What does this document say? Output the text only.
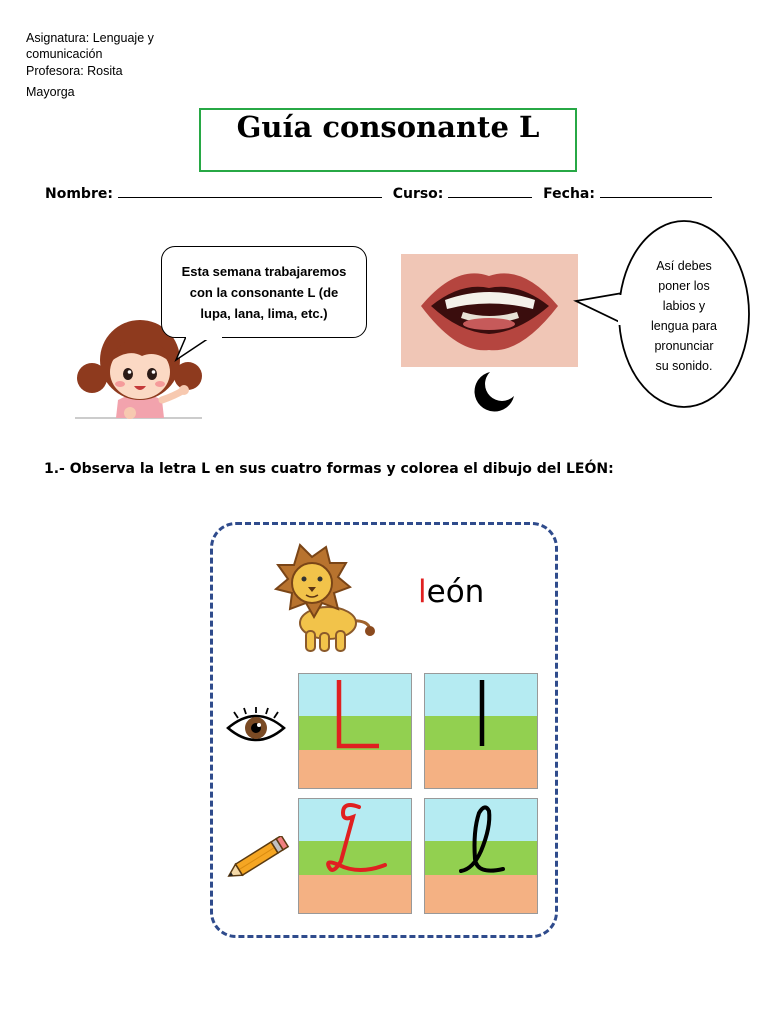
Asignatura: Lenguaje y
comunicación
Profesora: Rosita
Mayorga
Guía consonante L
Nombre:	Curso:	Fecha:
Esta semana trabajaremos
con la consonante L (de
lupa, lana, lima, etc.)
Así debes
poner los
labios y
lengua para
pronunciar
su sonido.
1.- Observa la letra L en sus cuatro formas y colorea el dibujo del LEÓN:
león
